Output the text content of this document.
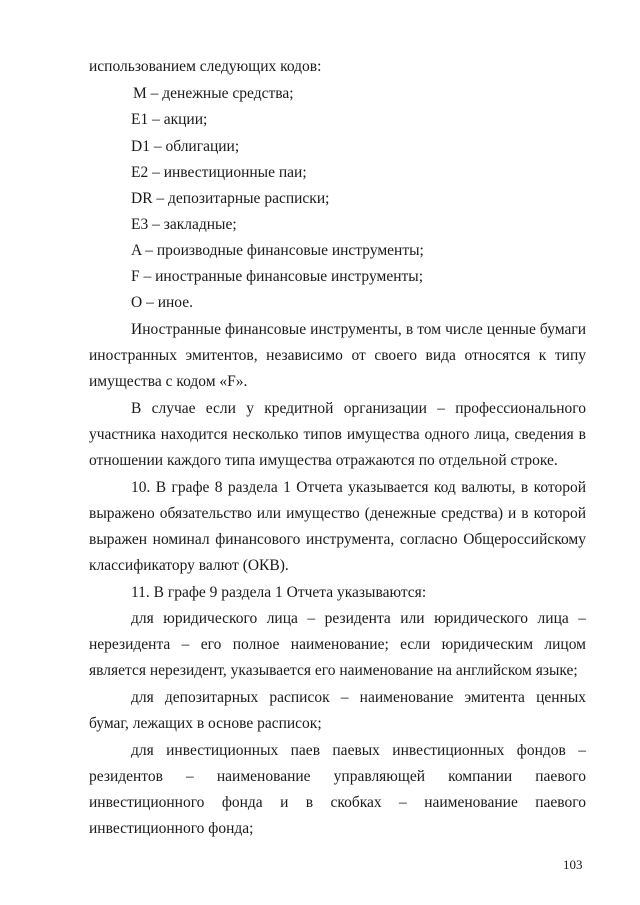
использованием следующих кодов:
M – денежные средства;
E1 – акции;
D1 – облигации;
E2 – инвестиционные паи;
DR – депозитарные расписки;
E3 – закладные;
A – производные финансовые инструменты;
F – иностранные финансовые инструменты;
O – иное.
Иностранные финансовые инструменты, в том числе ценные бумаги
иностранных эмитентов, независимо от своего вида относятся к типу
имущества с кодом «F».
В случае если у кредитной организации – профессионального
участника находится несколько типов имущества одного лица, сведения в
отношении каждого типа имущества отражаются по отдельной строке.
10. В графе 8 раздела 1 Отчета указывается код валюты, в которой
выражено обязательство или имущество (денежные средства) и в которой
выражен номинал финансового инструмента, согласно Общероссийскому
классификатору валют (ОКВ).
11. В графе 9 раздела 1 Отчета указываются:
для юридического лица – резидента или юридического лица –
нерезидента – его полное наименование; если юридическим лицом
является нерезидент, указывается его наименование на английском языке;
для депозитарных расписок – наименование эмитента ценных
бумаг, лежащих в основе расписок;
для инвестиционных паев паевых инвестиционных фондов –
резидентов – наименование управляющей компании паевого
инвестиционного фонда и в скобках – наименование паевого
инвестиционного фонда;
103
